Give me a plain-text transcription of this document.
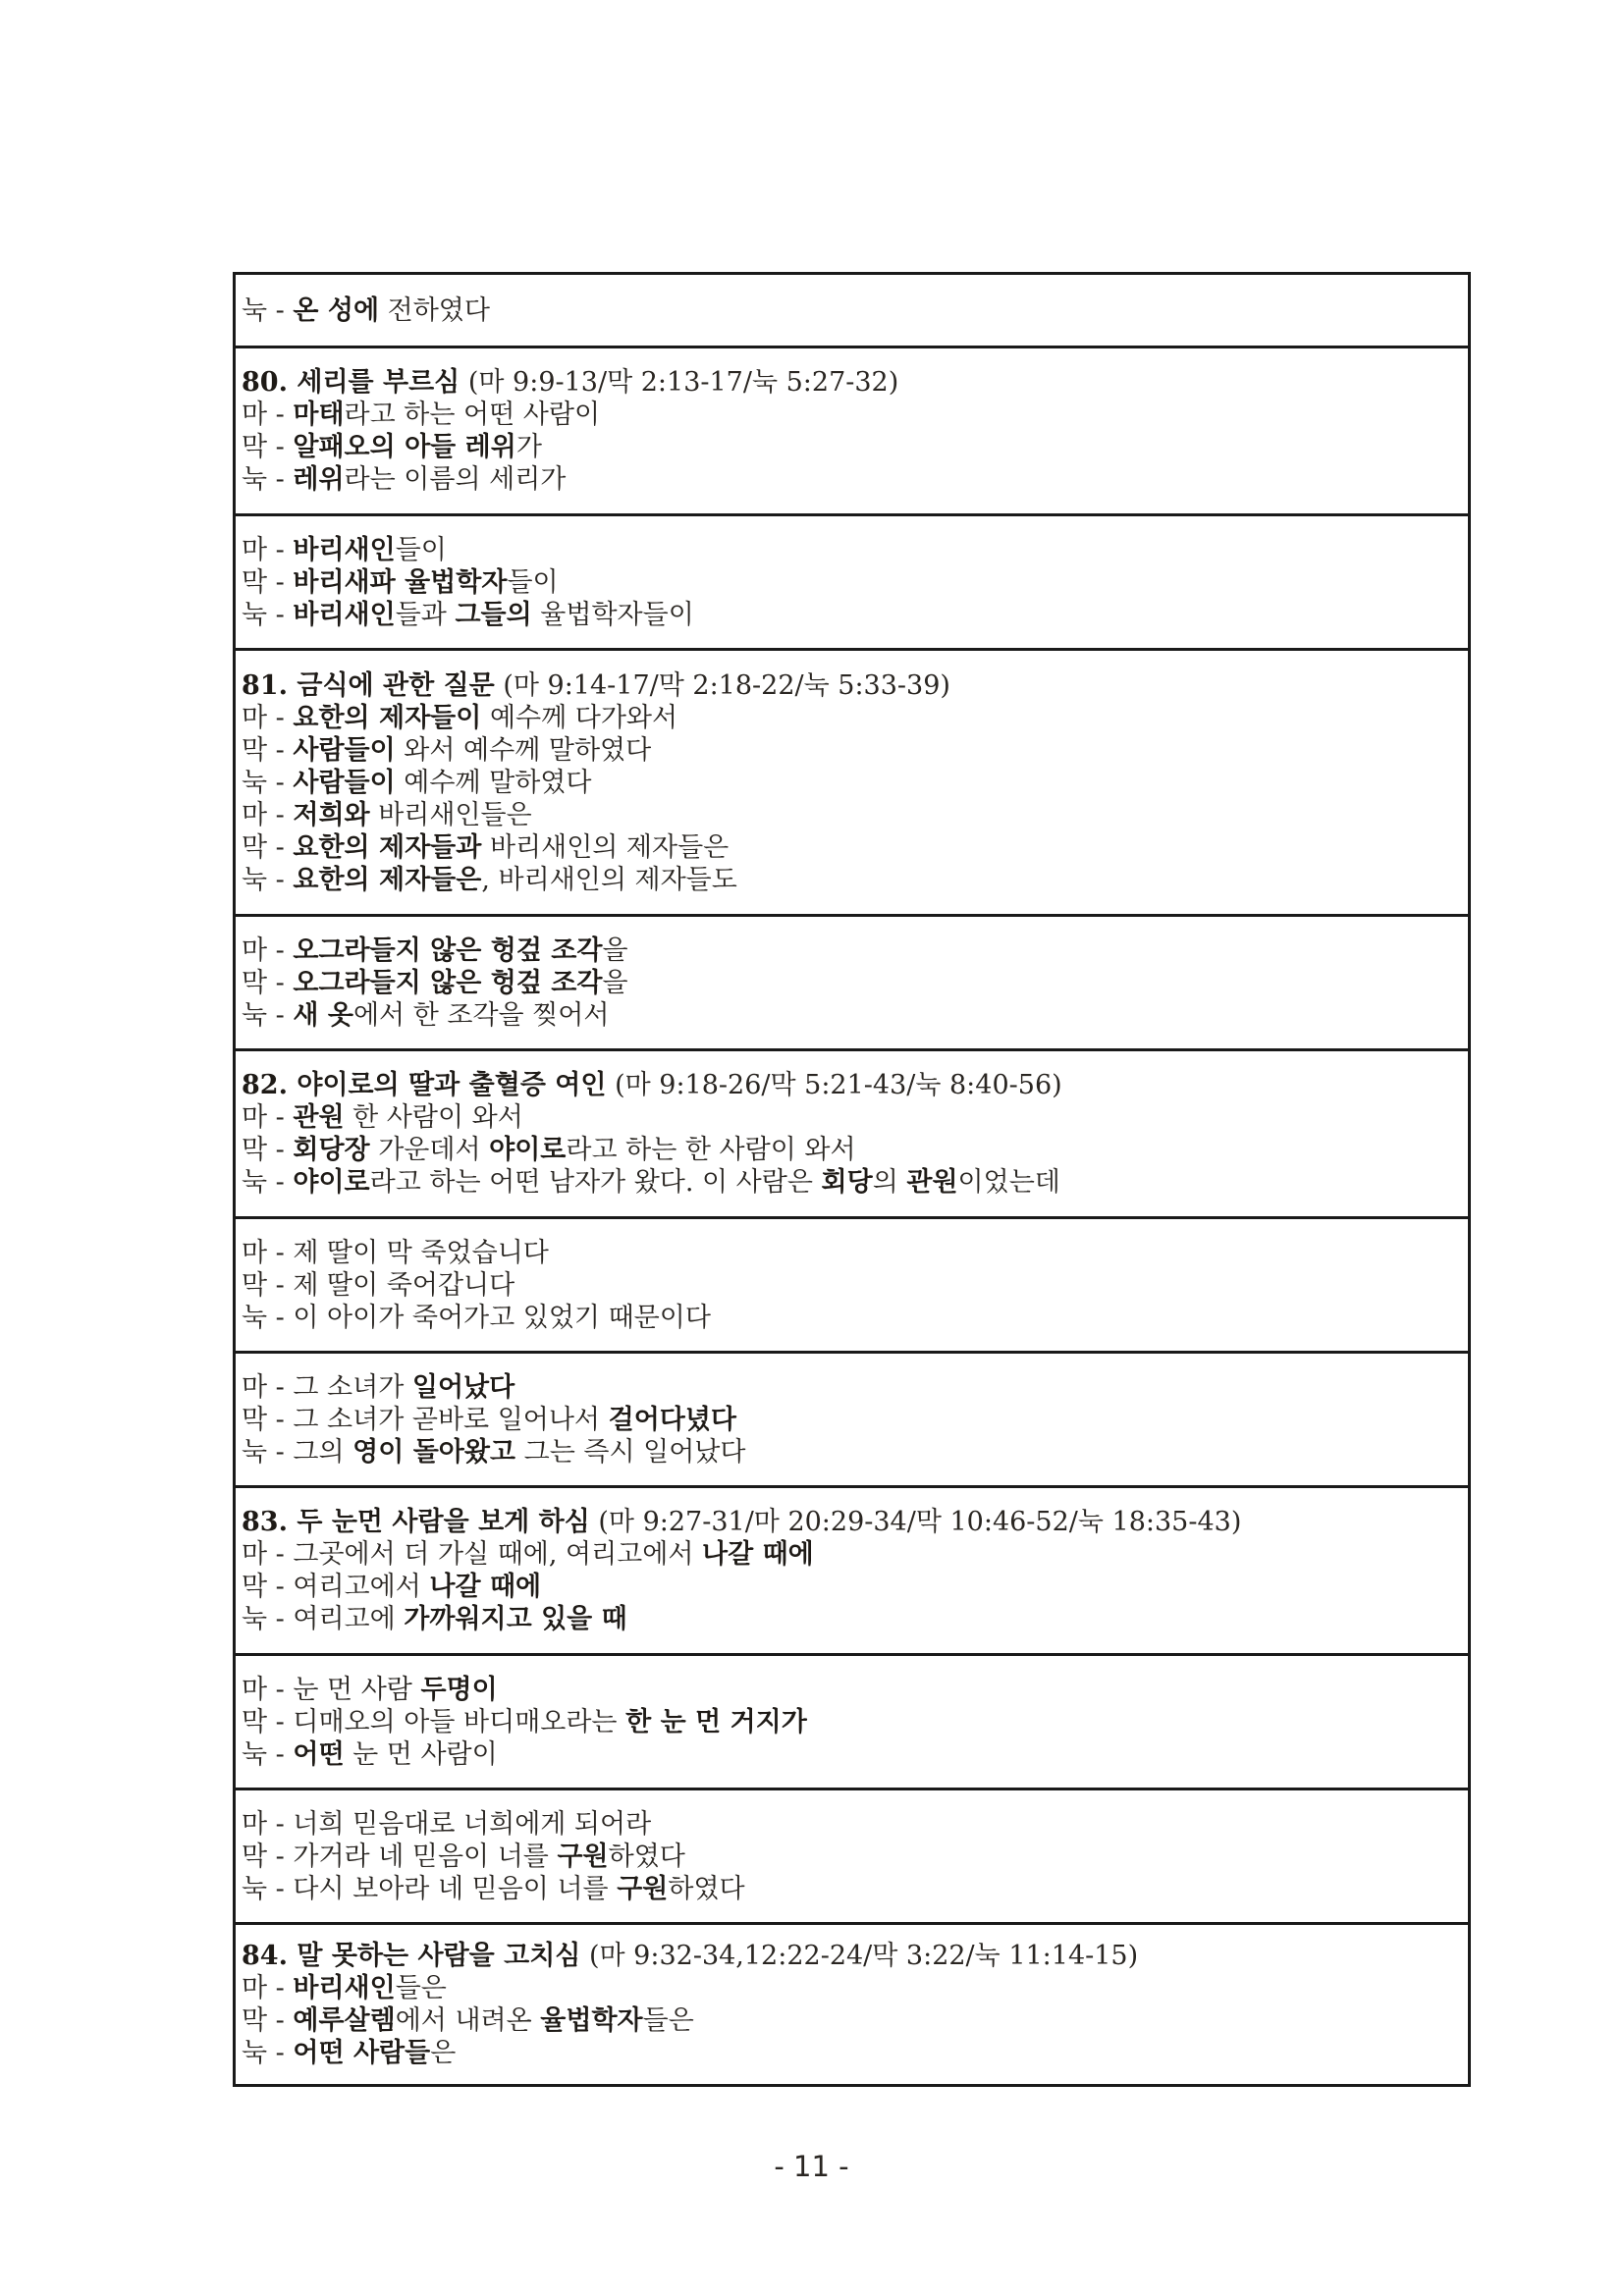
눅 - 온 성에 전하였다
80. 세리를 부르심 (마 9:9-13/막 2:13-17/눅 5:27-32)
마 - 마태라고 하는 어떤 사람이
막 - 알패오의 아들 레위가
눅 - 레위라는 이름의 세리가
마 - 바리새인들이
막 - 바리새파 율법학자들이
눅 - 바리새인들과 그들의 율법학자들이
81. 금식에 관한 질문 (마 9:14-17/막 2:18-22/눅 5:33-39)
마 - 요한의 제자들이 예수께 다가와서
막 - 사람들이 와서 예수께 말하였다
눅 - 사람들이 예수께 말하였다
마 - 저희와 바리새인들은
막 - 요한의 제자들과 바리새인의 제자들은
눅 - 요한의 제자들은, 바리새인의 제자들도
마 - 오그라들지 않은 헝겊 조각을
막 - 오그라들지 않은 헝겊 조각을
눅 - 새 옷에서 한 조각을 찢어서
82. 야이로의 딸과 출혈증 여인 (마 9:18-26/막 5:21-43/눅 8:40-56)
마 - 관원 한 사람이 와서
막 - 회당장 가운데서 야이로라고 하는 한 사람이 와서
눅 - 야이로라고 하는 어떤 남자가 왔다. 이 사람은 회당의 관원이었는데
마 - 제 딸이 막 죽었습니다
막 - 제 딸이 죽어갑니다
눅 - 이 아이가 죽어가고 있었기 때문이다
마 - 그 소녀가 일어났다
막 - 그 소녀가 곧바로 일어나서 걸어다녔다
눅 - 그의 영이 돌아왔고 그는 즉시 일어났다
83. 두 눈먼 사람을 보게 하심 (마 9:27-31/마 20:29-34/막 10:46-52/눅 18:35-43)
마 - 그곳에서 더 가실 때에, 여리고에서 나갈 때에
막 - 여리고에서 나갈 때에
눅 - 여리고에 가까워지고 있을 때
마 - 눈 먼 사람 두명이
막 - 디매오의 아들 바디매오라는 한 눈 먼 거지가
눅 - 어떤 눈 먼 사람이
마 - 너희 믿음대로 너희에게 되어라
막 - 가거라 네 믿음이 너를 구원하였다
눅 - 다시 보아라 네 믿음이 너를 구원하였다
84. 말 못하는 사람을 고치심 (마 9:32-34,12:22-24/막 3:22/눅 11:14-15)
마 - 바리새인들은
막 - 예루살렘에서 내려온 율법학자들은
눅 - 어떤 사람들은
- 11 -
